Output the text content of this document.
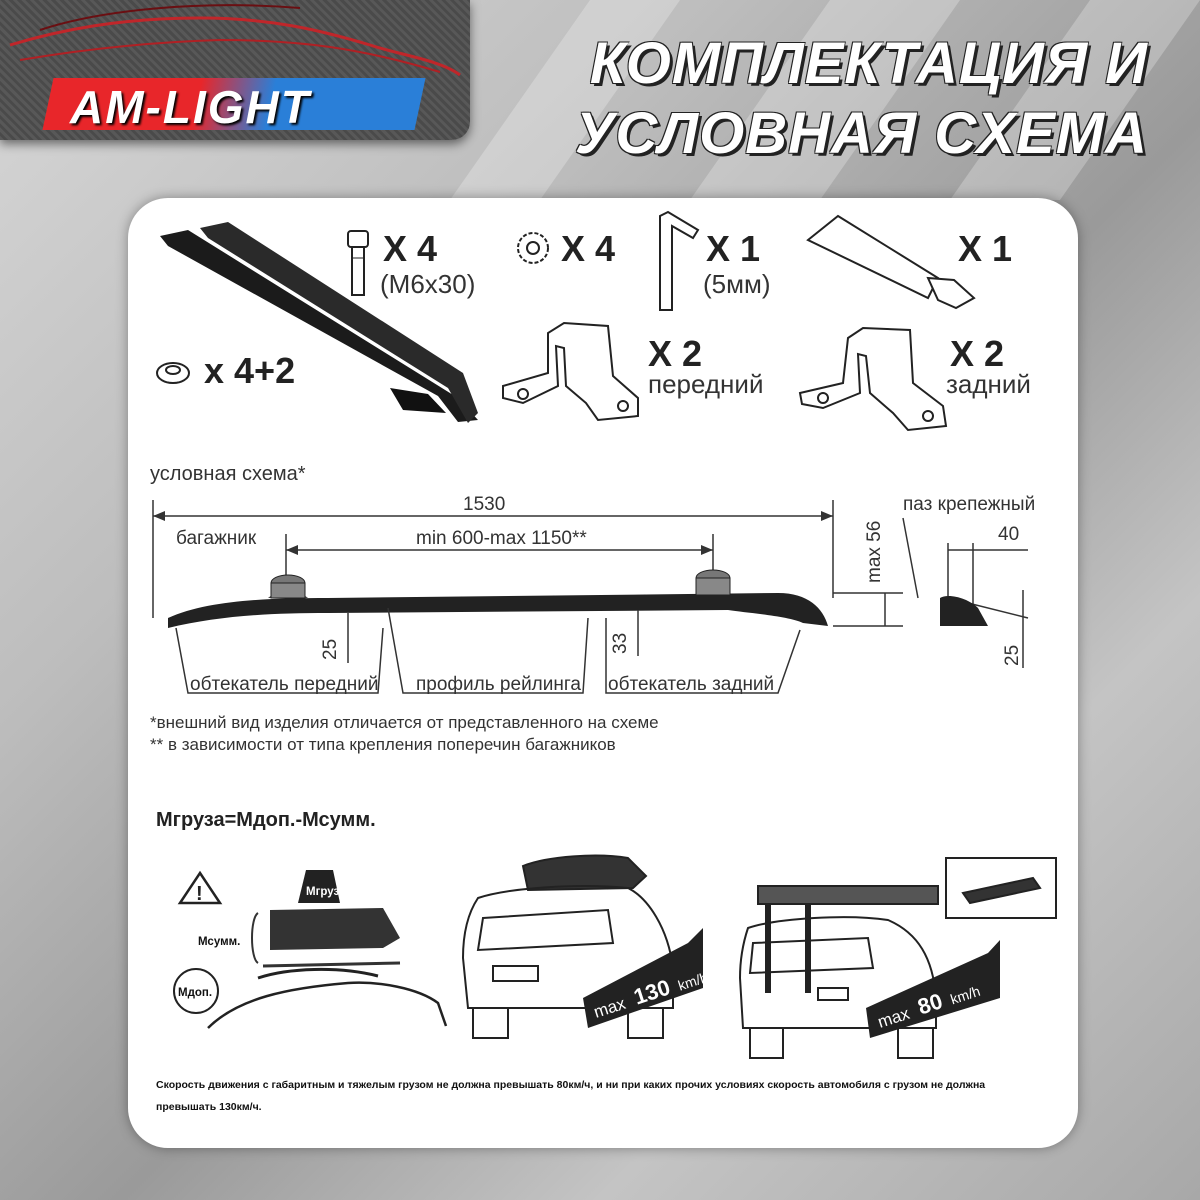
AM-LIGHT
КОМПЛЕКТАЦИЯ И
УСЛОВНАЯ СХЕМА
X 4
(M6x30)
X 4	X 1
(5мм)
X 1
x 4+2	X 2
передний
X 2
задний
условная схема*
1530
min 600-max 1150**
багажник	max 56
паз крепежный
40
25
25	33
обтекатель передний профиль рейлинга обтекатель задний
*внешний вид изделия отличается от представленного на схеме
** в зависимости от типа крепления поперечин багажников
Мгруза=Мдоп.-Мсумм.
!	Мгруза
Мсумм.
Мдоп.
max 130 km/h
max 80 km/h
Скорость движения с габаритным и тяжелым грузом не должна превышать 80км/ч, и ни при каких прочих условиях скорость автомобиля с грузом не должна
превышать 130км/ч.
